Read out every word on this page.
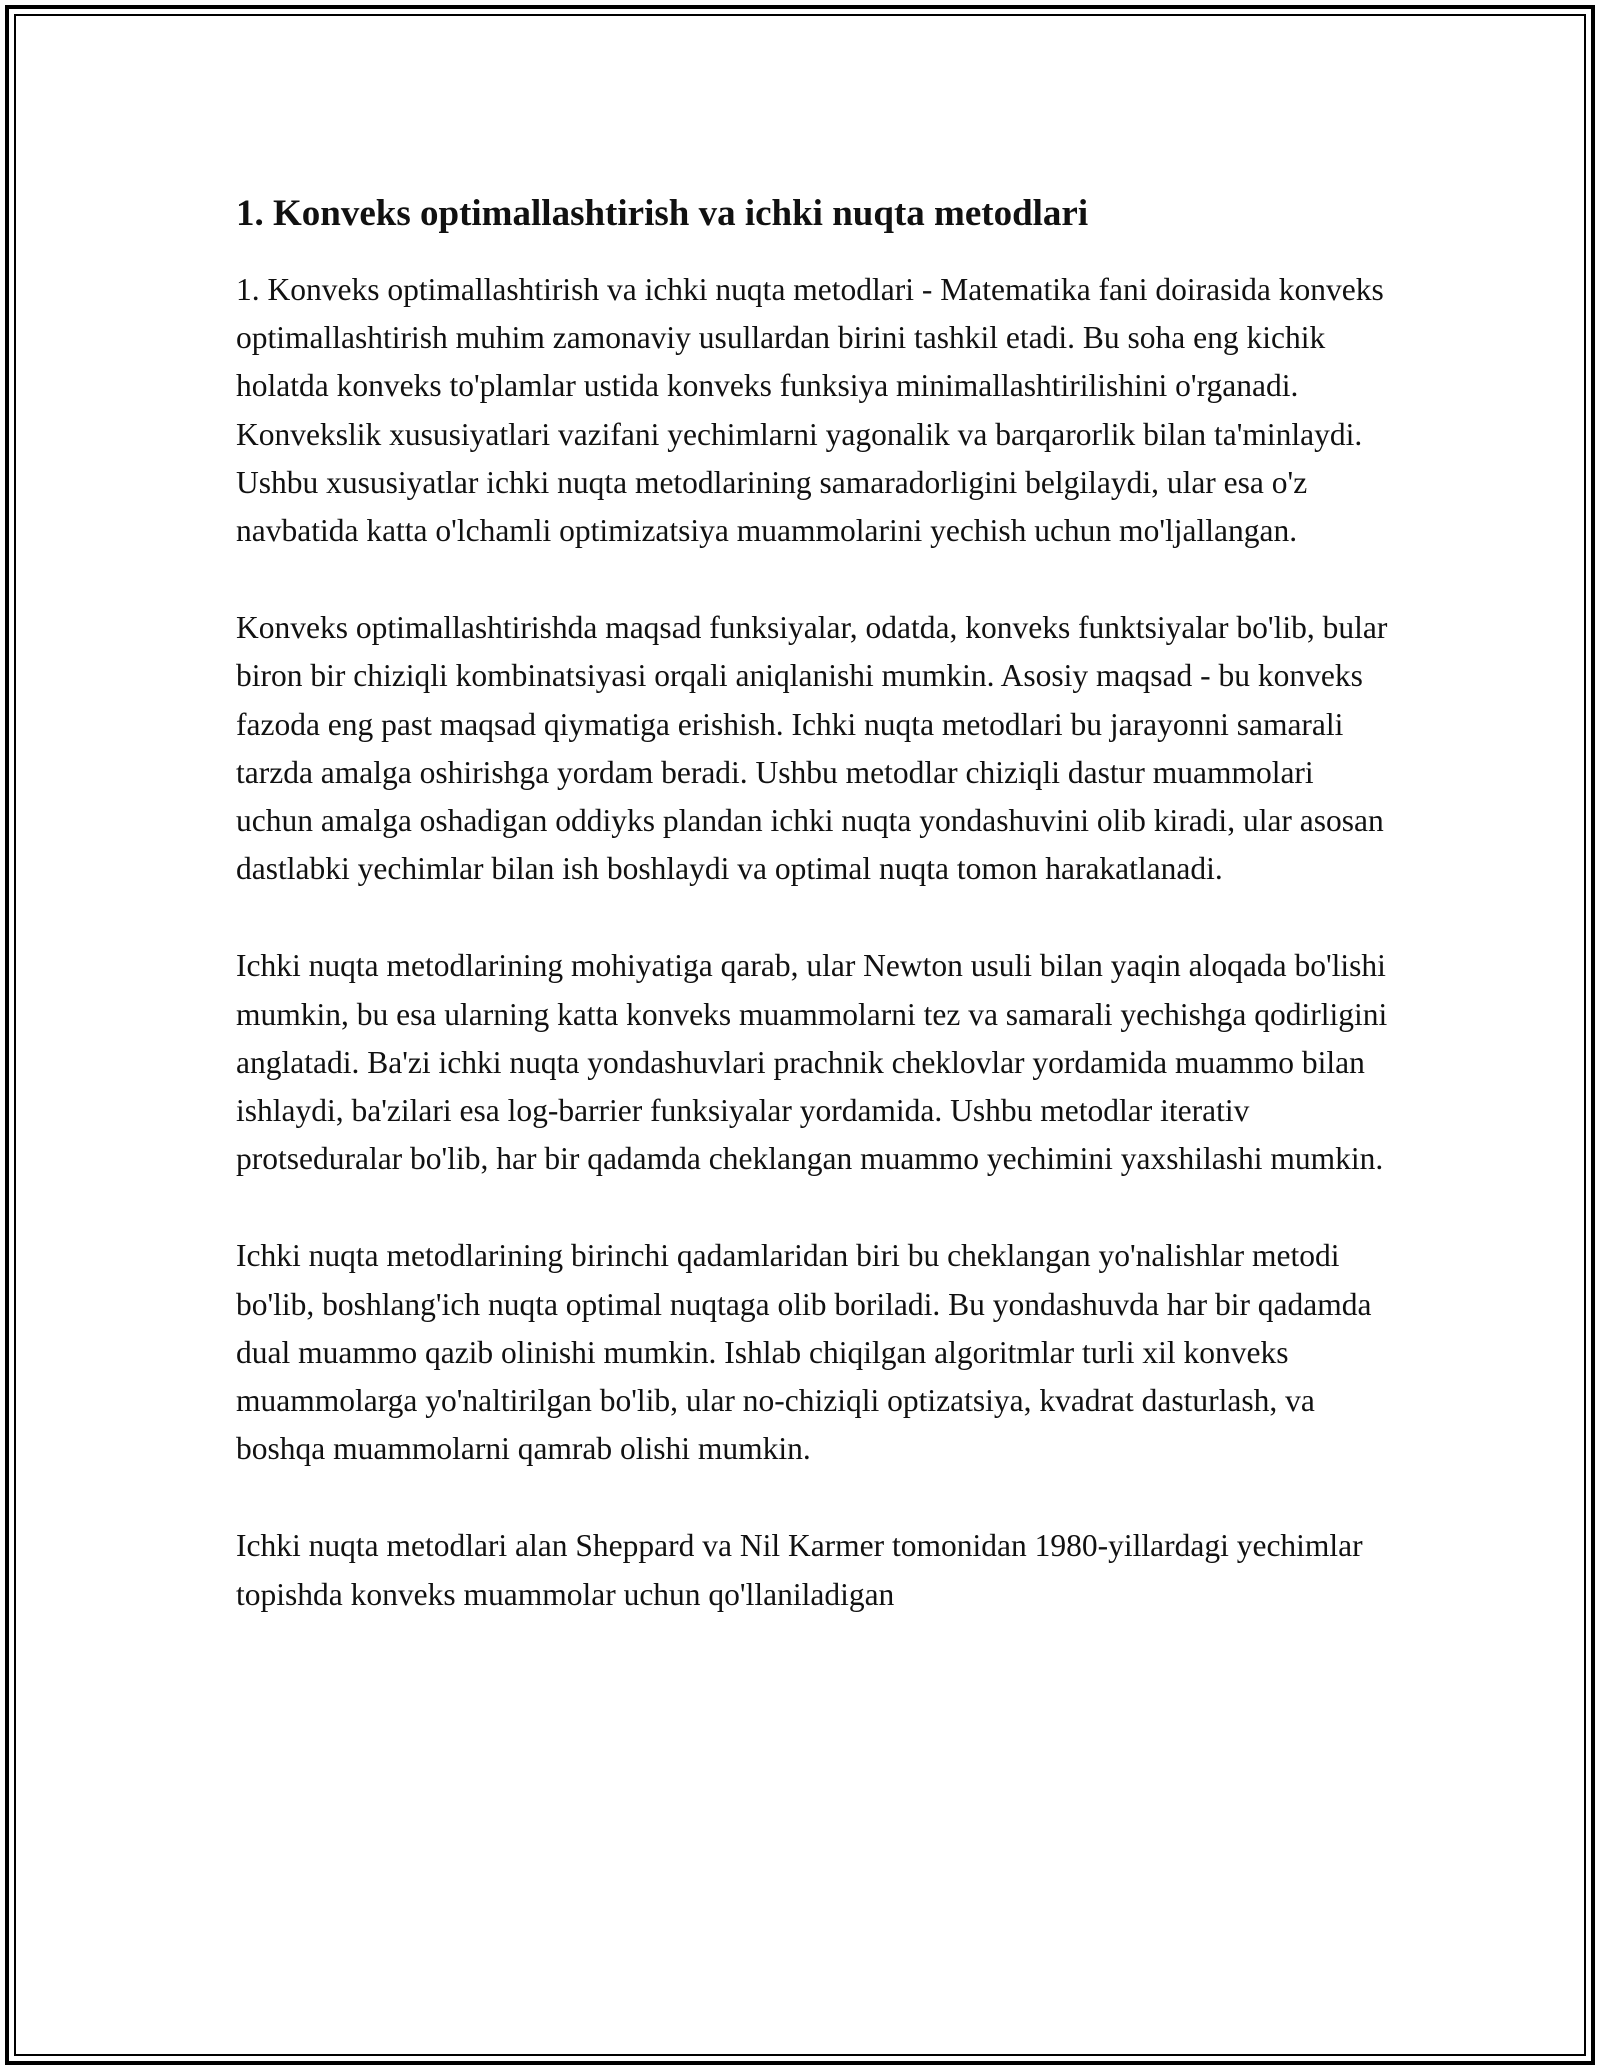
1. Konveks optimallashtirish va ichki nuqta metodlari

1. Konveks optimallashtirish va ichki nuqta metodlari - Matematika fani doirasida konveks optimallashtirish muhim zamonaviy usullardan birini tashkil etadi. Bu soha eng kichik holatda konveks to'plamlar ustida konveks funksiya minimallashtirilishini o'rganadi. Konvekslik xususiyatlari vazifani yechimlarni yagonalik va barqarorlik bilan ta'minlaydi. Ushbu xususiyatlar ichki nuqta metodlarining samaradorligini belgilaydi, ular esa o'z navbatida katta o'lchamli optimizatsiya muammolarini yechish uchun mo'ljallangan.

Konveks optimallashtirishda maqsad funksiyalar, odatda, konveks funktsiyalar bo'lib, bular biron bir chiziqli kombinatsiyasi orqali aniqlanishi mumkin. Asosiy maqsad - bu konveks fazoda eng past maqsad qiymatiga erishish. Ichki nuqta metodlari bu jarayonni samarali tarzda amalga oshirishga yordam beradi. Ushbu metodlar chiziqli dastur muammolari uchun amalga oshadigan oddiyks plandan ichki nuqta yondashuvini olib kiradi, ular asosan dastlabki yechimlar bilan ish boshlaydi va optimal nuqta tomon harakatlanadi.

Ichki nuqta metodlarining mohiyatiga qarab, ular Newton usuli bilan yaqin aloqada bo'lishi mumkin, bu esa ularning katta konveks muammolarni tez va samarali yechishga qodirligini anglatadi. Ba'zi ichki nuqta yondashuvlari prachnik cheklovlar yordamida muammo bilan ishlaydi, ba'zilari esa log-barrier funksiyalar yordamida. Ushbu metodlar iterativ protseduralar bo'lib, har bir qadamda cheklangan muammo yechimini yaxshilashi mumkin.

Ichki nuqta metodlarining birinchi qadamlaridan biri bu cheklangan yo'nalishlar metodi bo'lib, boshlang'ich nuqta optimal nuqtaga olib boriladi. Bu yondashuvda har bir qadamda dual muammo qazib olinishi mumkin. Ishlab chiqilgan algoritmlar turli xil konveks muammolarga yo'naltirilgan bo'lib, ular no-chiziqli optizatsiya, kvadrat dasturlash, va boshqa muammolarni qamrab olishi mumkin.

Ichki nuqta metodlari alan Sheppard va Nil Karmer tomonidan 1980-yillardagi yechimlar topishda konveks muammolar uchun qo'llaniladigan
